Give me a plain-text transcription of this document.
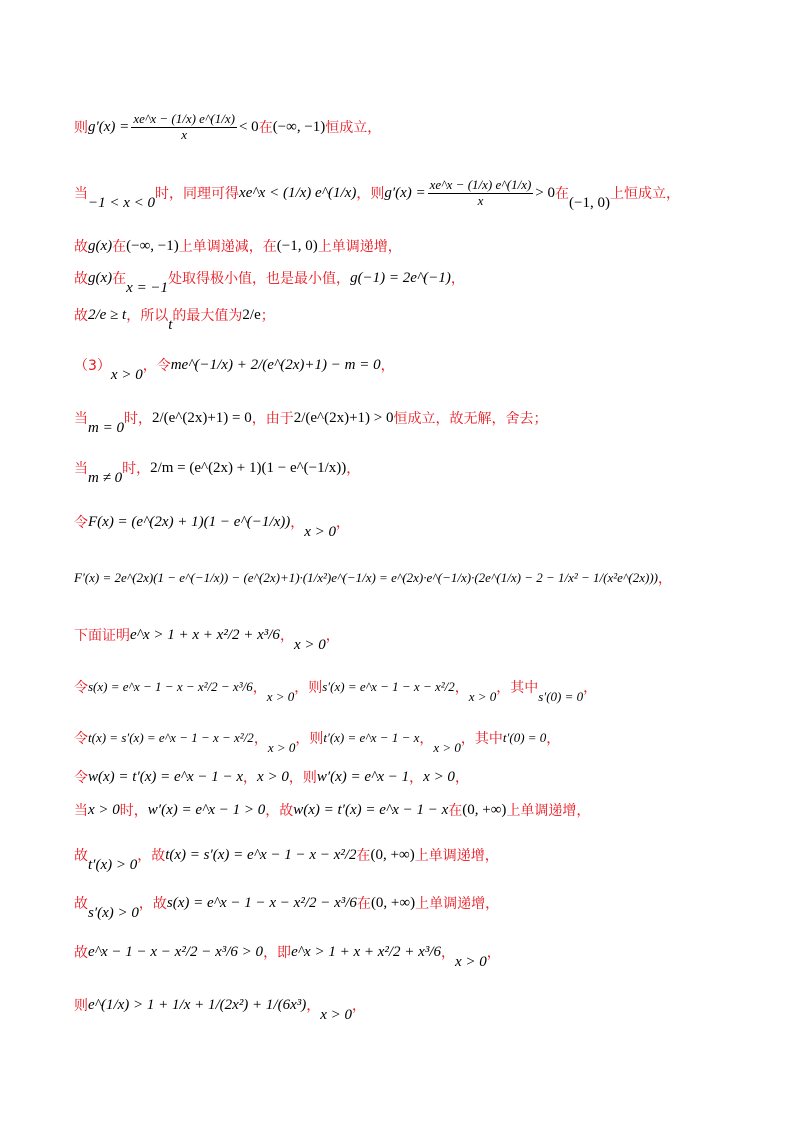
则 $g'(x) = \frac{xe\^{}x - (1/x) e\^{}(1/x)}{x} < 0$ 在 (−∞, −1) 恒成立，
当
−1 < x < 0
时，同理可得 xe^x < (1/x) e^(1/x) ，则 $g'(x) = \frac{xe\^{}x - (1/x) e\^{}(1/x)}{x} > 0$ 在
(−1, 0)
上恒成立，
故 g(x) 在 (−∞, −1) 上单调递减，在 (−1, 0) 上单调递增，
故 g(x) 在
x = −1
处取得极小值，也是最小值， g(−1) = 2e^(−1) ，
故 2/e ≥ t ，所以
t
的最大值为 2/e ；
（3）
x > 0
，令 me^(−1/x) + 2/(e^(2x)+1) − m = 0 ，
当
m = 0
时， 2/(e^(2x)+1) = 0 ，由于 2/(e^(2x)+1) > 0 恒成立，故无解，舍去；
当
m ≠ 0
时， 2/m = (e^(2x) + 1)(1 − e^(−1/x)) ，
令 F(x) = (e^(2x) + 1)(1 − e^(−1/x)) ，
x > 0
，
F′(x) = 2e^(2x)(1 − e^(−1/x)) − (e^(2x)+1)·(1/x²)e^(−1/x) = e^(2x)·e^(−1/x)·(2e^(1/x) − 2 − 1/x² − 1/(x²e^(2x))) ，
下面证明 e^x > 1 + x + x²/2 + x³/6 ，
x > 0
，
令 s(x) = e^x − 1 − x − x²/2 − x³/6 ，
x > 0
，则 s′(x) = e^x − 1 − x − x²/2 ，
x > 0
，其中
s′(0) = 0
，
令 t(x) = s′(x) = e^x − 1 − x − x²/2 ，
x > 0
，则 t′(x) = e^x − 1 − x ，
x > 0
，其中 t′(0) = 0 ，
令 w(x) = t′(x) = e^x − 1 − x ， x > 0 ，则 w′(x) = e^x − 1 ， x > 0 ，
当 x > 0 时， w′(x) = e^x − 1 > 0 ，故 w(x) = t′(x) = e^x − 1 − x 在 (0, +∞) 上单调递增，
故
t′(x) > 0
，故 t(x) = s′(x) = e^x − 1 − x − x²/2 在 (0, +∞) 上单调递增，
故
s′(x) > 0
，故 s(x) = e^x − 1 − x − x²/2 − x³/6 在 (0, +∞) 上单调递增，
故 e^x − 1 − x − x²/2 − x³/6 > 0 ，即 e^x > 1 + x + x²/2 + x³/6 ，
x > 0
，
则 e^(1/x) > 1 + 1/x + 1/(2x²) + 1/(6x³) ，
x > 0
，
